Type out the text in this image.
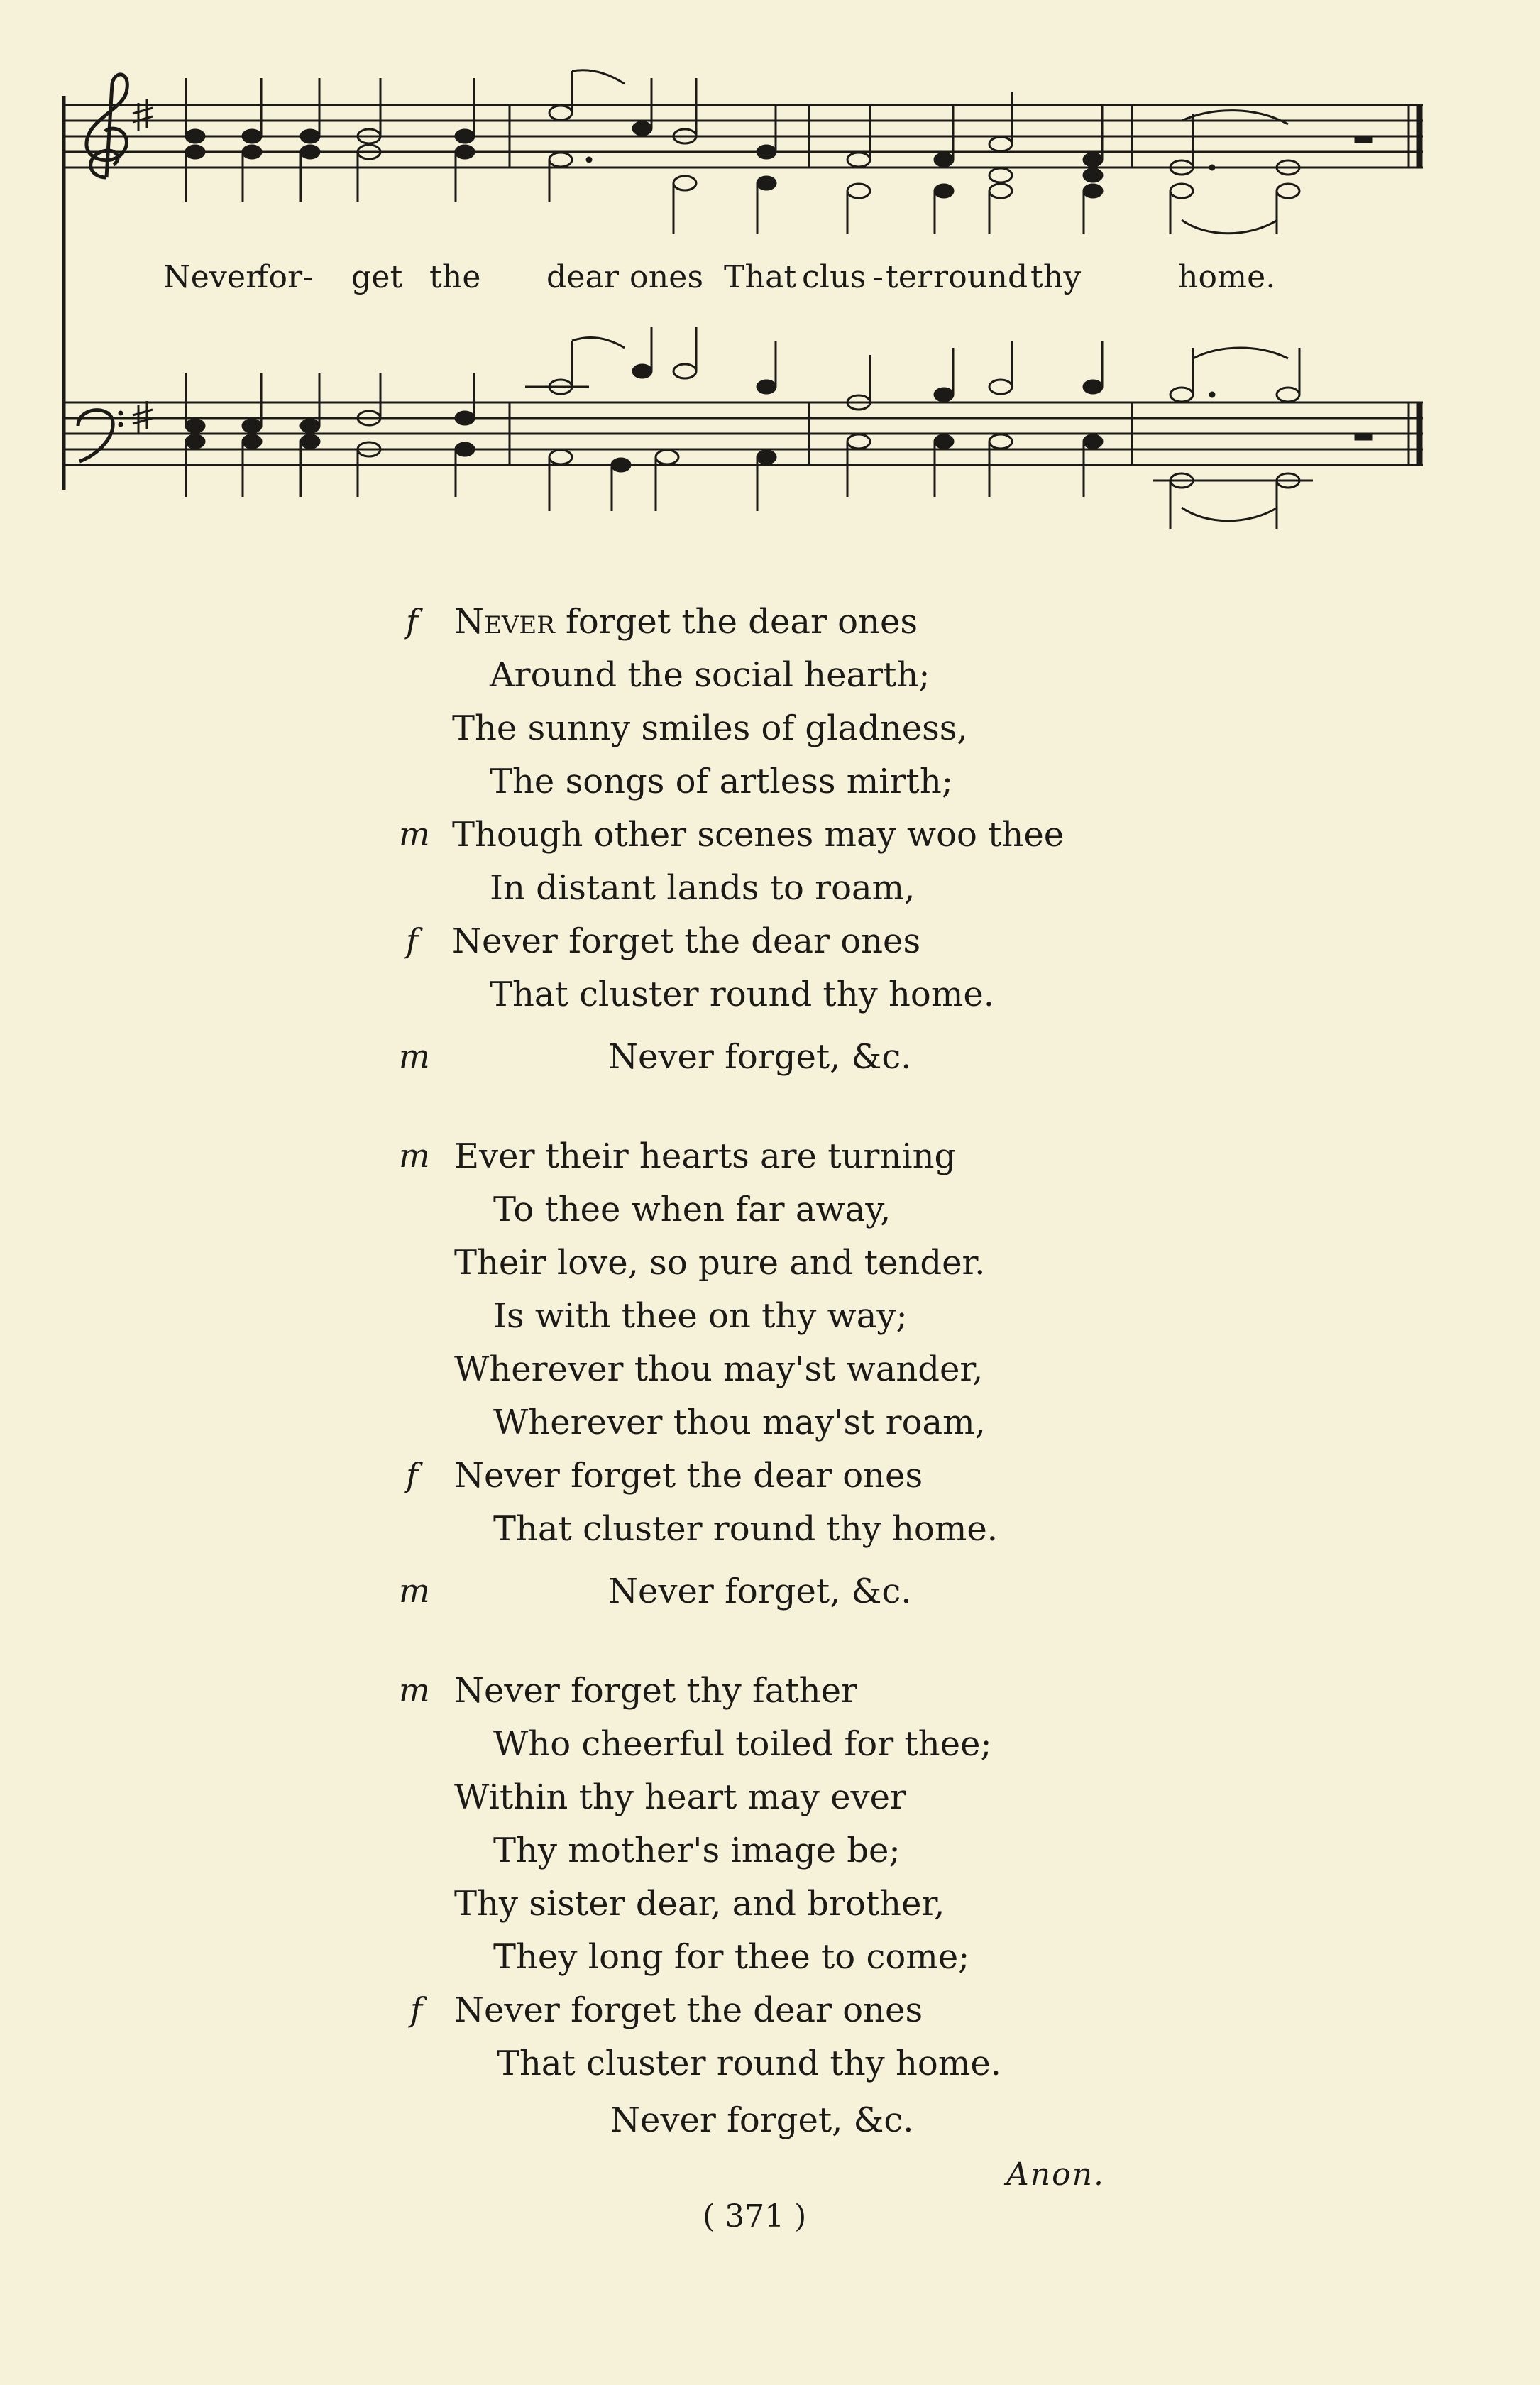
Never
for- get the dear ones That clus - ter round thy	home.
f Never forget the dear ones
Around the social hearth;
The sunny smiles of gladness,
The songs of artless mirth;
m Though other scenes may woo thee
In distant lands to roam,
f Never forget the dear ones
That cluster round thy home.
m	Never forget, &c.
m Ever their hearts are turning
To thee when far away,
Their love, so pure and tender.
Is with thee on thy way;
Wherever thou may'st wander,
Wherever thou may'st roam,
f Never forget the dear ones
That cluster round thy home.
m	Never forget, &c.
m Never forget thy father
Who cheerful toiled for thee;
Within thy heart may ever
Thy mother's image be;
Thy sister dear, and brother,
They long for thee to come;
f Never forget the dear ones
That cluster round thy home.
Never forget, &c.
Anon.
( 371 )
